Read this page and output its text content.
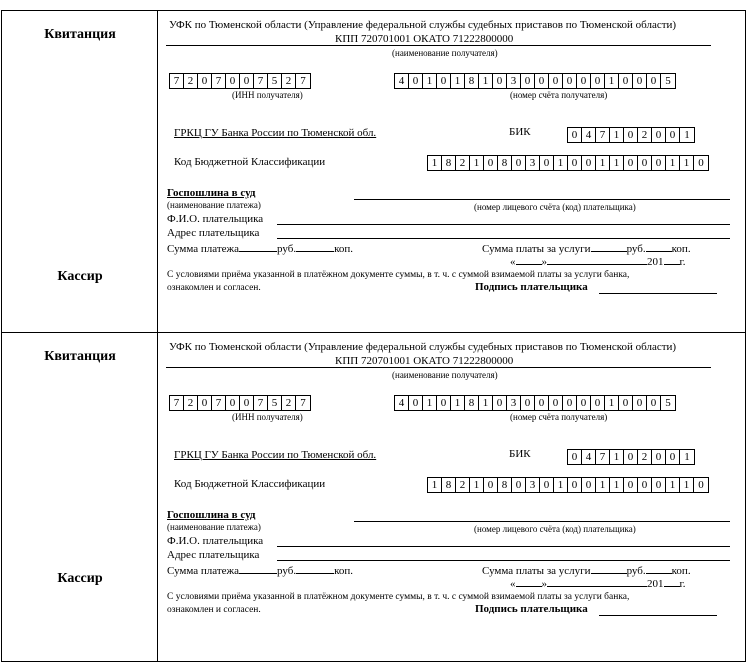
Квитанция
Кассир
УФК по Тюменской области (Управление федеральной службы судебных приставов по Тюменской области)
КПП 720701001 ОКАТО 71222800000
(наименование получателя)
7 2 0 7 0 0 7 5 2 7
(ИНН получателя)
4 0 1 0 1 8 1 0 3 0 0 0 0 0 0 1 0 0 0 5
(номер счёта получателя)
ГРКЦ ГУ Банка России по Тюменской обл.	БИК	0 4 7 1 0 2 0 0 1
Код Бюджетной Классификации	1 8 2 1 0 8 0 3 0 1 0 0 1 1 0 0 0 1 1 0
Госпошлина в суд
(наименование платежа)	(номер лицевого счёта (код) плательщика)
Ф.И.О. плательщика
Адрес плательщика
Сумма платежа	руб.	коп.	Сумма платы за услуги	руб. коп.
« »	201 г.
С условиями приёма указанной в платёжном документе суммы, в т. ч. с суммой взимаемой платы за услуги банка,
ознакомлен и согласен.	Подпись плательщика
Квитанция
Кассир
УФК по Тюменской области (Управление федеральной службы судебных приставов по Тюменской области)
КПП 720701001 ОКАТО 71222800000
(наименование получателя)
7 2 0 7 0 0 7 5 2 7
(ИНН получателя)
4 0 1 0 1 8 1 0 3 0 0 0 0 0 0 1 0 0 0 5
(номер счёта получателя)
ГРКЦ ГУ Банка России по Тюменской обл.	БИК	0 4 7 1 0 2 0 0 1
Код Бюджетной Классификации	1 8 2 1 0 8 0 3 0 1 0 0 1 1 0 0 0 1 1 0
Госпошлина в суд
(наименование платежа)	(номер лицевого счёта (код) плательщика)
Ф.И.О. плательщика
Адрес плательщика
Сумма платежа	руб.	коп.	Сумма платы за услуги	руб. коп.
« »	201 г.
С условиями приёма указанной в платёжном документе суммы, в т. ч. с суммой взимаемой платы за услуги банка,
ознакомлен и согласен.	Подпись плательщика
